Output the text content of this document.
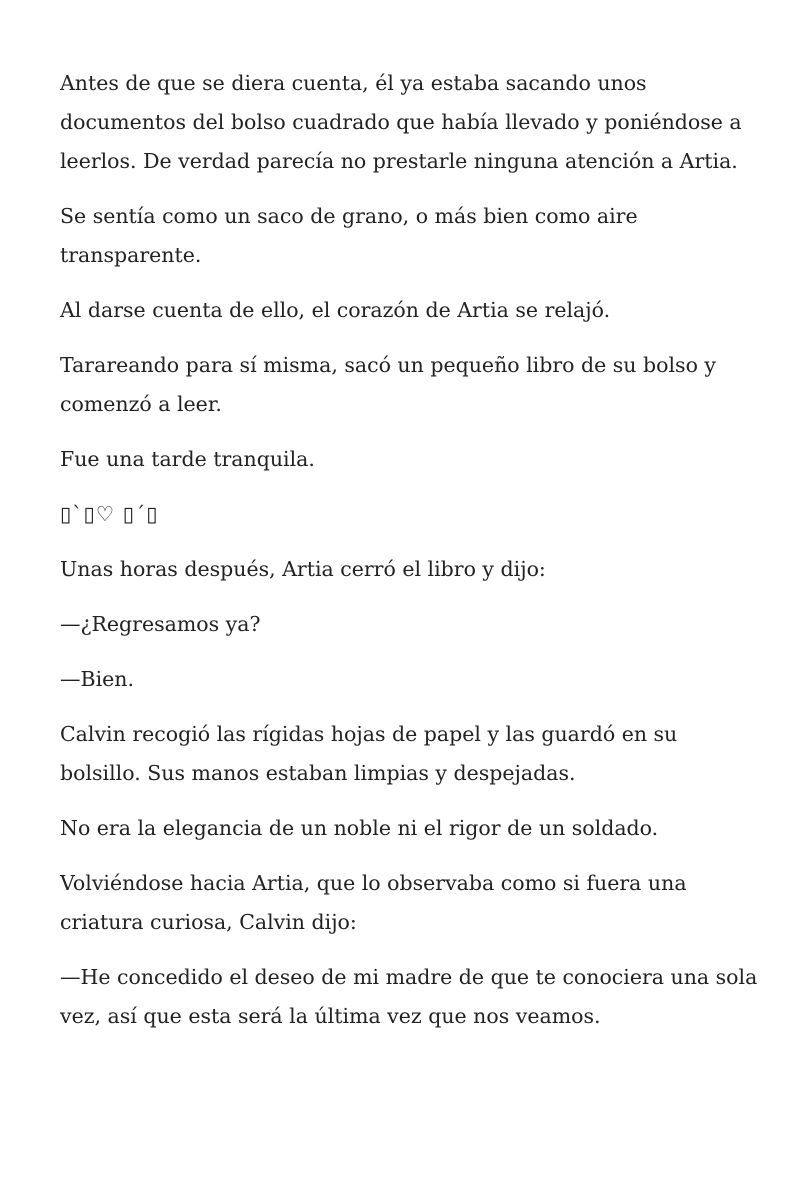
Antes de que se diera cuenta, él ya estaba sacando unos documentos del bolso cuadrado que había llevado y poniéndose a leerlos. De verdad parecía no prestarle ninguna atención a Artia.

Se sentía como un saco de grano, o más bien como aire transparente.

Al darse cuenta de ello, el corazón de Artia se relajó.

Tarareando para sí misma, sacó un pequeño libro de su bolso y comenzó a leer.

Fue una tarde tranquila.

▯`▯♡ ▯´▯

Unas horas después, Artia cerró el libro y dijo:

—¿Regresamos ya?

—Bien.

Calvin recogió las rígidas hojas de papel y las guardó en su bolsillo. Sus manos estaban limpias y despejadas.

No era la elegancia de un noble ni el rigor de un soldado.

Volviéndose hacia Artia, que lo observaba como si fuera una criatura curiosa, Calvin dijo:

—He concedido el deseo de mi madre de que te conociera una sola vez, así que esta será la última vez que nos veamos.
